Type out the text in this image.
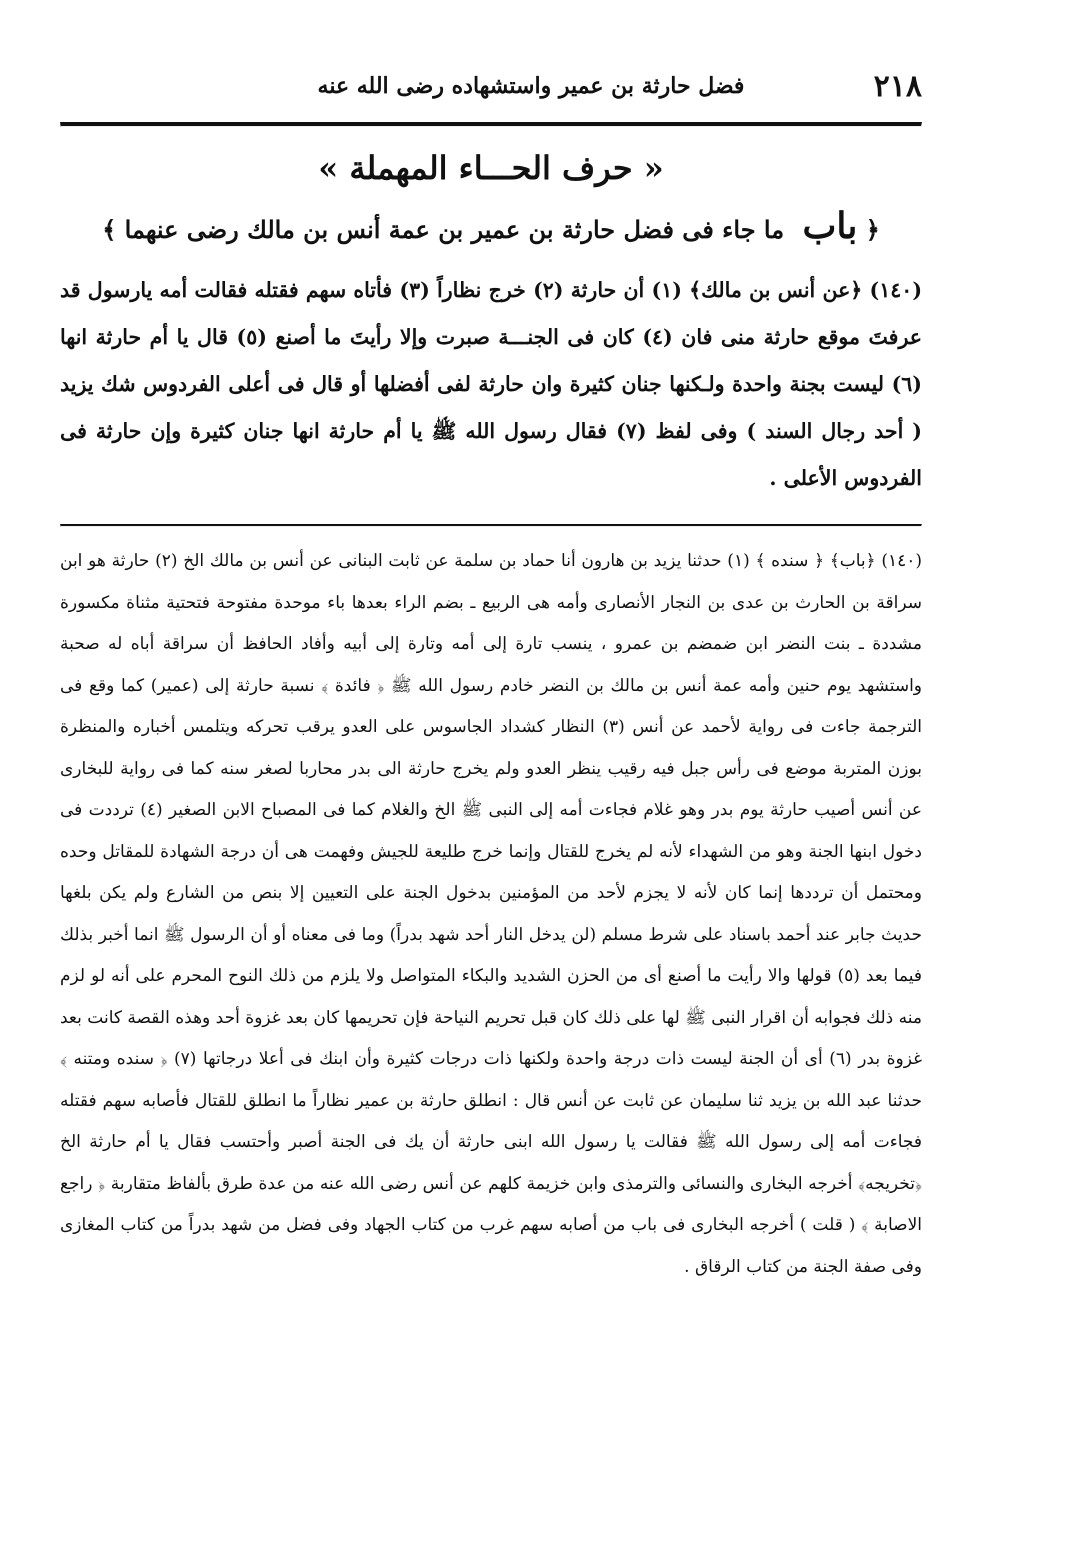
٢١٨
فضل حارثة بن عمير واستشهاده رضى الله عنه
« حرف الحـــاء المهملة »
﴿ باب ما جاء فى فضل حارثة بن عمير بن عمة أنس بن مالك رضى عنهما ﴾

(١٤٠) ﴿عن أنس بن مالك﴾ (١) أن حارثة (٢) خرج نظاراً (٣) فأتاه سهم فقتله فقالت أمه يارسول قد عرفتَ موقع حارثة منى فان (٤) كان فى الجنـــة صبرت وإلا رأيتَ ما أصنع (٥) قال يا أم حارثة انها (٦) ليست بجنة واحدة ولـكنها جنان كثيرة وان حارثة لفى أفضلها أو قال فى أعلى الفردوس شك يزيد ( أحد رجال السند ) وفى لفظ (٧) فقال رسول الله ﷺ يا أم حارثة انها جنان كثيرة وإن حارثة فى الفردوس الأعلى .

(١٤٠) ﴿باب﴾ ﴿ سنده ﴾ (١) حدثنا يزيد بن هارون أنا حماد بن سلمة عن ثابت البنانى عن أنس بن مالك الخ (٢) حارثة هو ابن سراقة بن الحارث بن عدى بن النجار الأنصارى وأمه هى الربيع ـ بضم الراء بعدها باء موحدة مفتوحة فتحتية مثناة مكسورة مشددة ـ بنت النضر ابن ضمضم بن عمرو ، ينسب تارة إلى أمه وتارة إلى أبيه وأفاد الحافظ أن سراقة أباه له صحبة واستشهد يوم حنين وأمه عمة أنس بن مالك بن النضر خادم رسول الله ﷺ ﴿ فائدة ﴾ نسبة حارثة إلى (عمير) كما وقع فى الترجمة جاءت فى رواية لأحمد عن أنس (٣) النظار كشداد الجاسوس على العدو يرقب تحركه ويتلمس أخباره والمنظرة بوزن المتربة موضع فى رأس جبل فيه رقيب ينظر العدو ولم يخرج حارثة الى بدر محاربا لصغر سنه كما فى رواية للبخارى عن أنس أصيب حارثة يوم بدر وهو غلام فجاءت أمه إلى النبى ﷺ الخ والغلام كما فى المصباح الابن الصغير (٤) ترددت فى دخول ابنها الجنة وهو من الشهداء لأنه لم يخرج للقتال وإنما خرج طليعة للجيش وفهمت هى أن درجة الشهادة للمقاتل وحده ومحتمل أن ترددها إنما كان لأنه لا يجزم لأحد من المؤمنين بدخول الجنة على التعيين إلا بنص من الشارع ولم يكن بلغها حديث جابر عند أحمد باسناد على شرط مسلم (لن يدخل النار أحد شهد بدراً) وما فى معناه أو أن الرسول ﷺ انما أخبر بذلك فيما بعد (٥) قولها والا رأيت ما أصنع أى من الحزن الشديد والبكاء المتواصل ولا يلزم من ذلك النوح المحرم على أنه لو لزم منه ذلك فجوابه أن اقرار النبى ﷺ لها على ذلك كان قبل تحريم النياحة فإن تحريمها كان بعد غزوة أحد وهذه القصة كانت بعد غزوة بدر (٦) أى أن الجنة ليست ذات درجة واحدة ولكنها ذات درجات كثيرة وأن ابنك فى أعلا درجاتها (٧) ﴿ سنده ومتنه ﴾ حدثنا عبد الله بن يزيد ثنا سليمان عن ثابت عن أنس قال : انطلق حارثة بن عمير نظاراً ما انطلق للقتال فأصابه سهم فقتله فجاءت أمه إلى رسول الله ﷺ فقالت يا رسول الله ابنى حارثة أن يك فى الجنة أصبر وأحتسب فقال يا أم حارثة الخ ﴿تخريجه﴾ أخرجه البخارى والنسائى والترمذى وابن خزيمة كلهم عن أنس رضى الله عنه من عدة طرق بألفاظ متقاربة ﴿ راجع الاصابة ﴾ ( قلت ) أخرجه البخارى فى باب من أصابه سهم غرب من كتاب الجهاد وفى فضل من شهد بدراً من كتاب المغازى وفى صفة الجنة من كتاب الرقاق .
